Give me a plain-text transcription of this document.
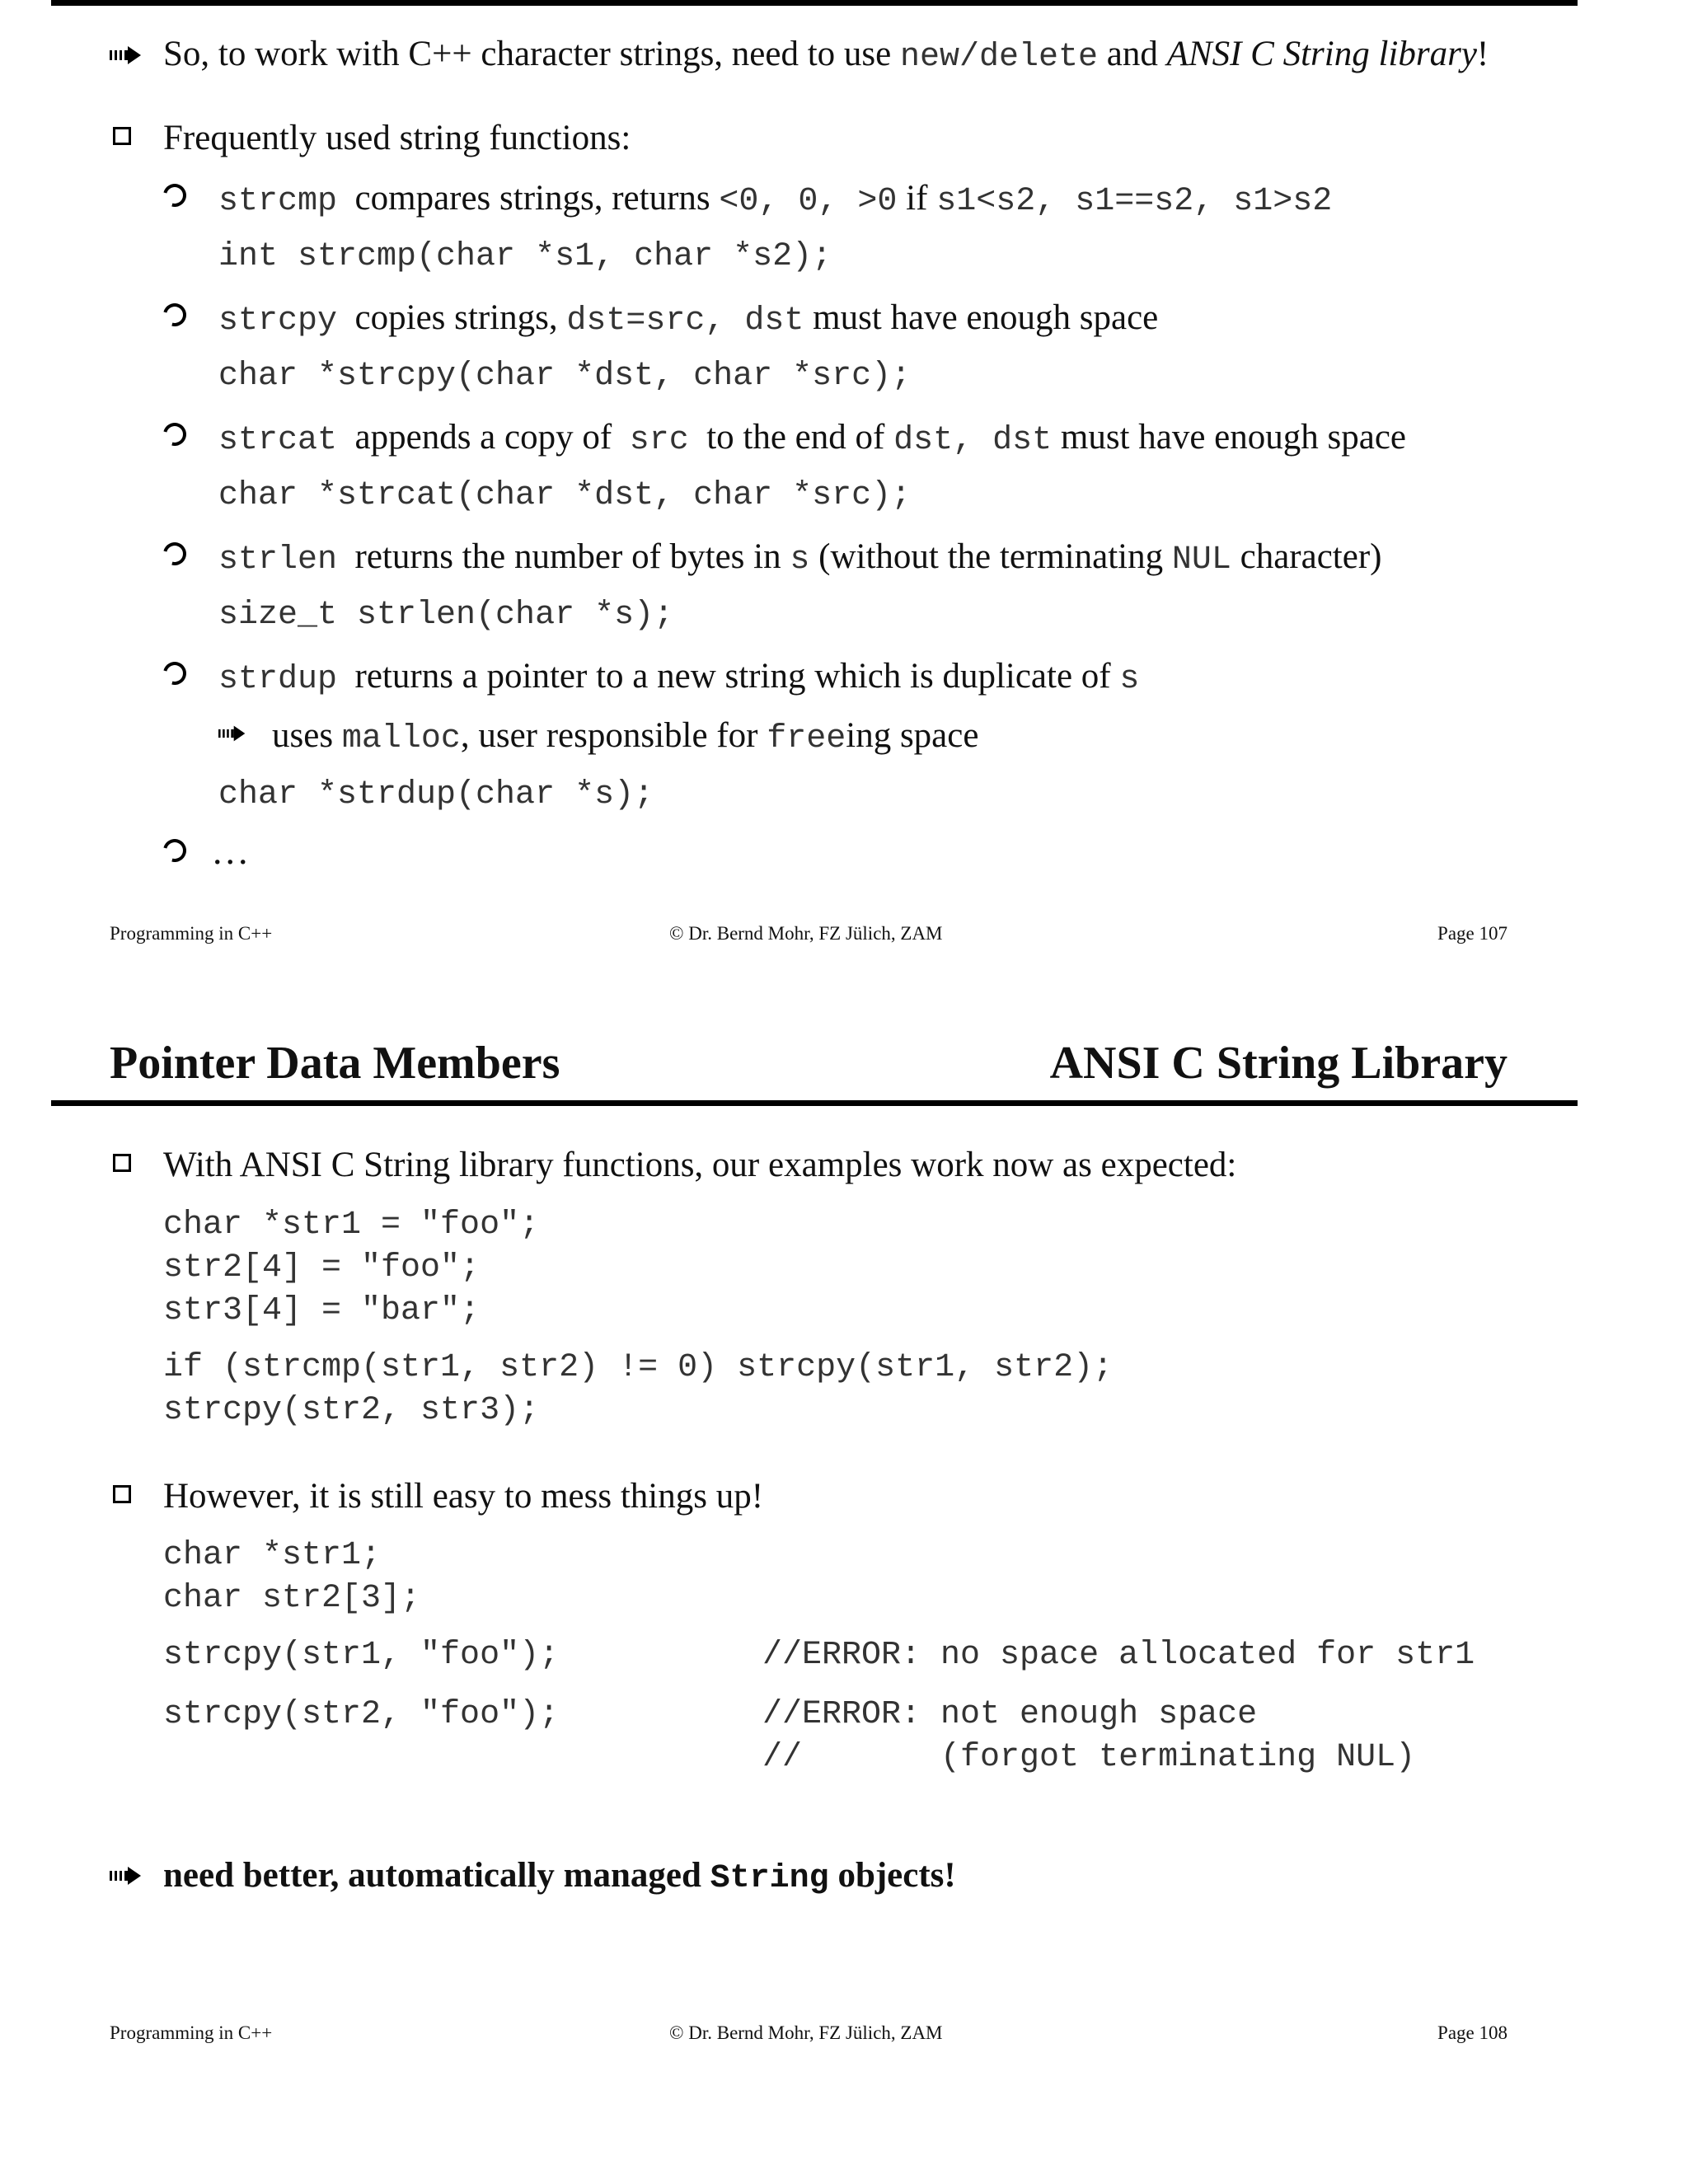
So, to work with C++ character strings, need to use new/delete and ANSI C String library!
Frequently used string functions:
strcmp compares strings, returns <0, 0, >0 if s1<s2, s1==s2, s1>s2
int strcmp(char *s1, char *s2);
strcpy copies strings, dst=src, dst must have enough space
char *strcpy(char *dst, char *src);
strcat appends a copy of  src  to the end of dst, dst must have enough space
char *strcat(char *dst, char *src);
strlen returns the number of bytes in s (without the terminating NUL character)
size_t strlen(char *s);
strdup returns a pointer to a new string which is duplicate of s
uses malloc, user responsible for freeing space
char *strdup(char *s);
...
Programming in C++	© Dr. Bernd Mohr, FZ Jülich, ZAM	Page 107
Pointer Data Members	ANSI C String Library
With ANSI C String library functions, our examples work now as expected:
char *str1 = "foo";
str2[4] = "foo";
str3[4] = "bar";
if (strcmp(str1, str2) != 0) strcpy(str1, str2);
strcpy(str2, str3);
However, it is still easy to mess things up!
char *str1;
char str2[3];
strcpy(str1, "foo");	//ERROR: no space allocated for str1
strcpy(str2, "foo");	//ERROR: not enough space
//       (forgot terminating NUL)
need better, automatically managed String objects!
Programming in C++	© Dr. Bernd Mohr, FZ Jülich, ZAM	Page 108
